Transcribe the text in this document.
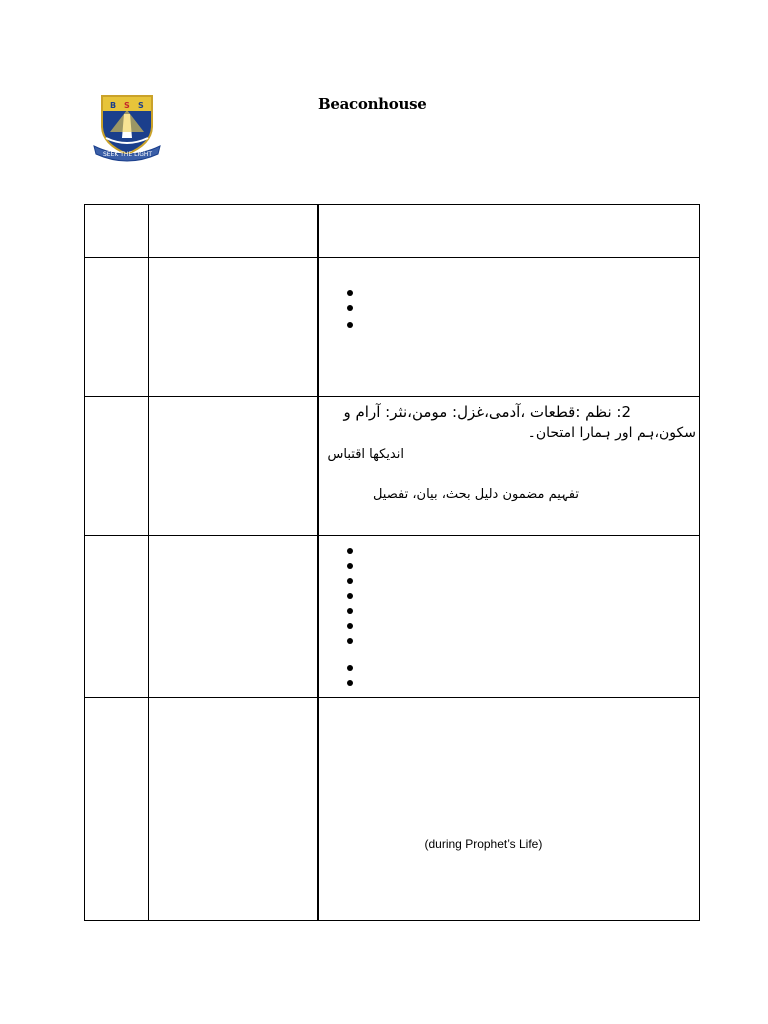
B S S
SEEK THE LIGHT
Beaconhouse

		2: نظم :قطعات ،آدمی،غزل: مومن،نثر: آرام و
سکون،ہم اور ہمارا امتحان۔
اندیکھا اقتباس
تفہیم مضمون دلیل بحث، بیان، تفصیل

		(during Prophet’s Life)
